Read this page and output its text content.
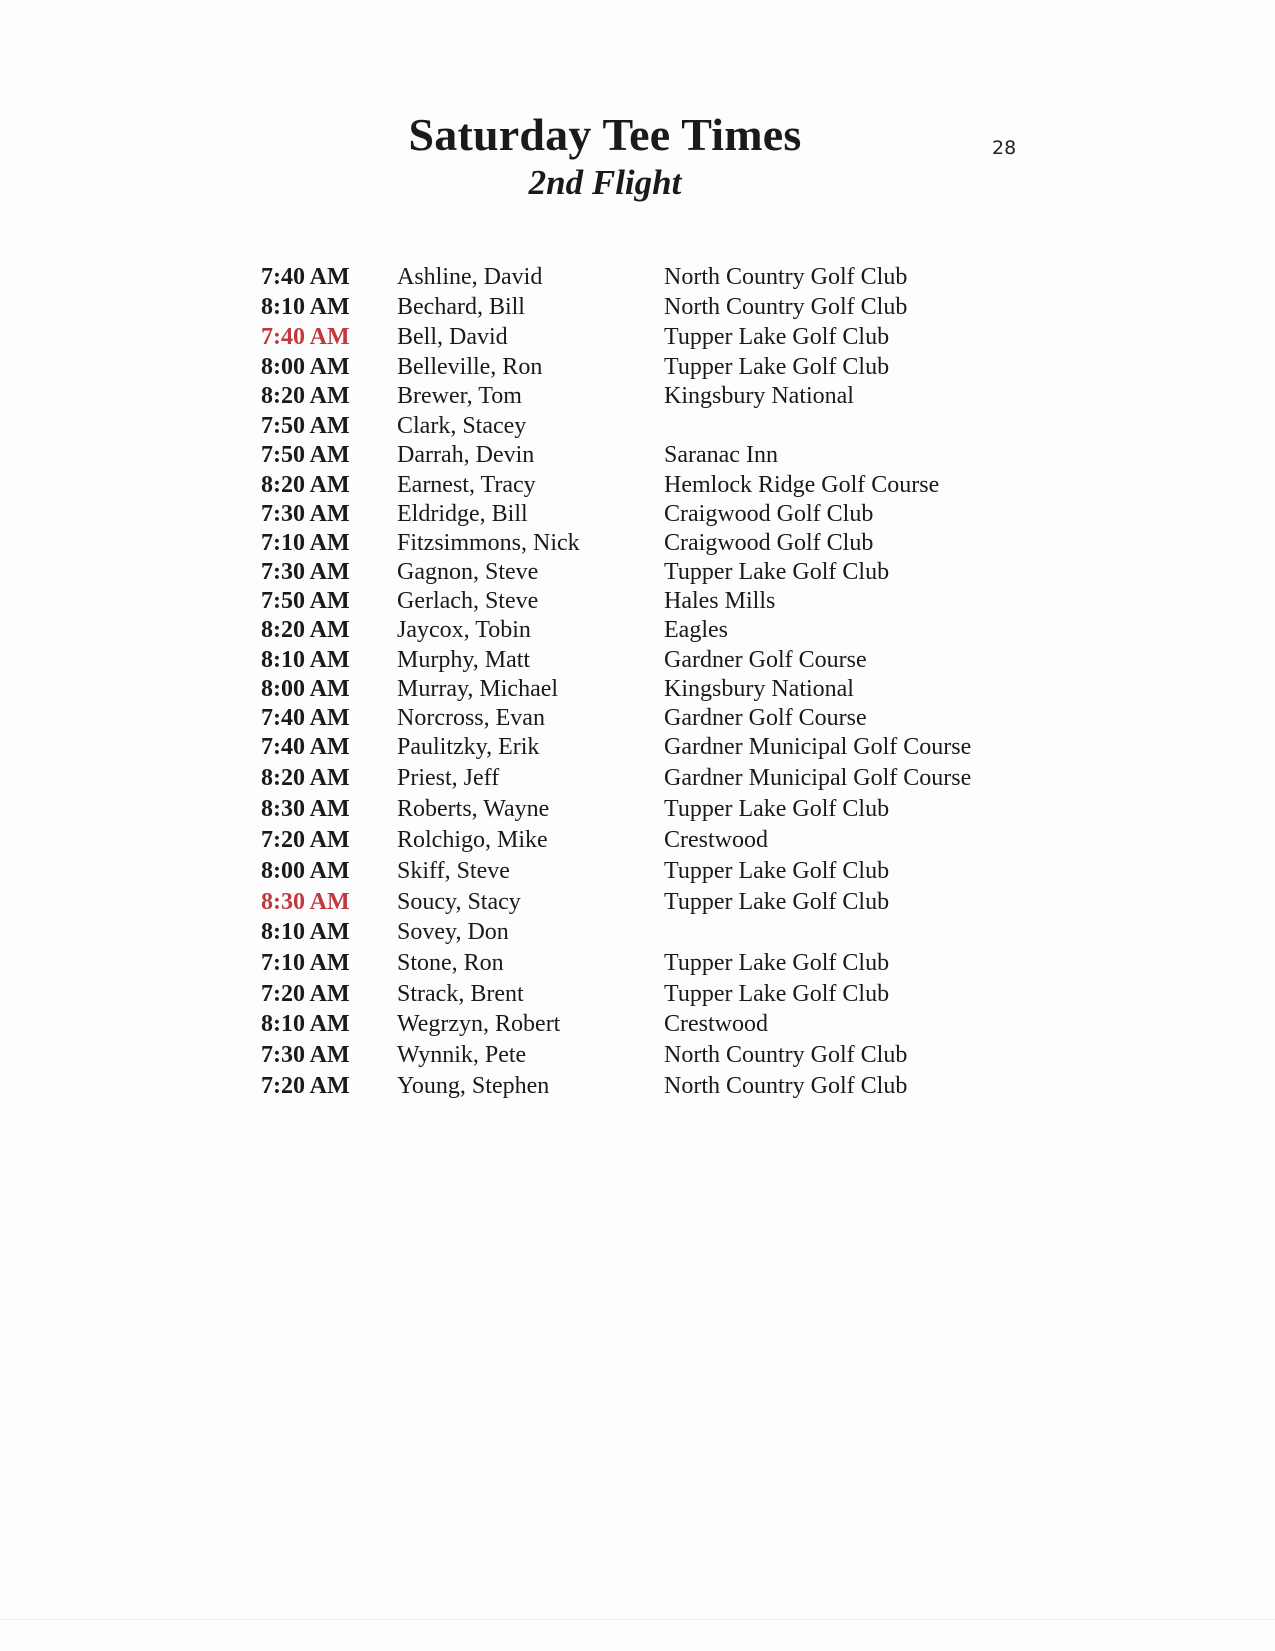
Saturday Tee Times
2nd Flight
28
7:40 AM Ashline, David	North Country Golf Club
8:10 AM Bechard, Bill	North Country Golf Club
7:40 AM Bell, David	Tupper Lake Golf Club
8:00 AM Belleville, Ron	Tupper Lake Golf Club
8:20 AM Brewer, Tom	Kingsbury National
7:50 AM Clark, Stacey
7:50 AM Darrah, Devin	Saranac Inn
8:20 AM Earnest, Tracy	Hemlock Ridge Golf Course
7:30 AM Eldridge, Bill	Craigwood Golf Club
7:10 AM Fitzsimmons, Nick	Craigwood Golf Club
7:30 AM Gagnon, Steve	Tupper Lake Golf Club
7:50 AM Gerlach, Steve	Hales Mills
8:20 AM Jaycox, Tobin	Eagles
8:10 AM Murphy, Matt	Gardner Golf Course
8:00 AM Murray, Michael	Kingsbury National
7:40 AM Norcross, Evan	Gardner Golf Course
7:40 AM Paulitzky, Erik	Gardner Municipal Golf Course
8:20 AM Priest, Jeff	Gardner Municipal Golf Course
8:30 AM Roberts, Wayne	Tupper Lake Golf Club
7:20 AM Rolchigo, Mike	Crestwood
8:00 AM Skiff, Steve	Tupper Lake Golf Club
8:30 AM Soucy, Stacy	Tupper Lake Golf Club
8:10 AM Sovey, Don
7:10 AM Stone, Ron	Tupper Lake Golf Club
7:20 AM Strack, Brent	Tupper Lake Golf Club
8:10 AM Wegrzyn, Robert	Crestwood
7:30 AM Wynnik, Pete	North Country Golf Club
7:20 AM Young, Stephen	North Country Golf Club
